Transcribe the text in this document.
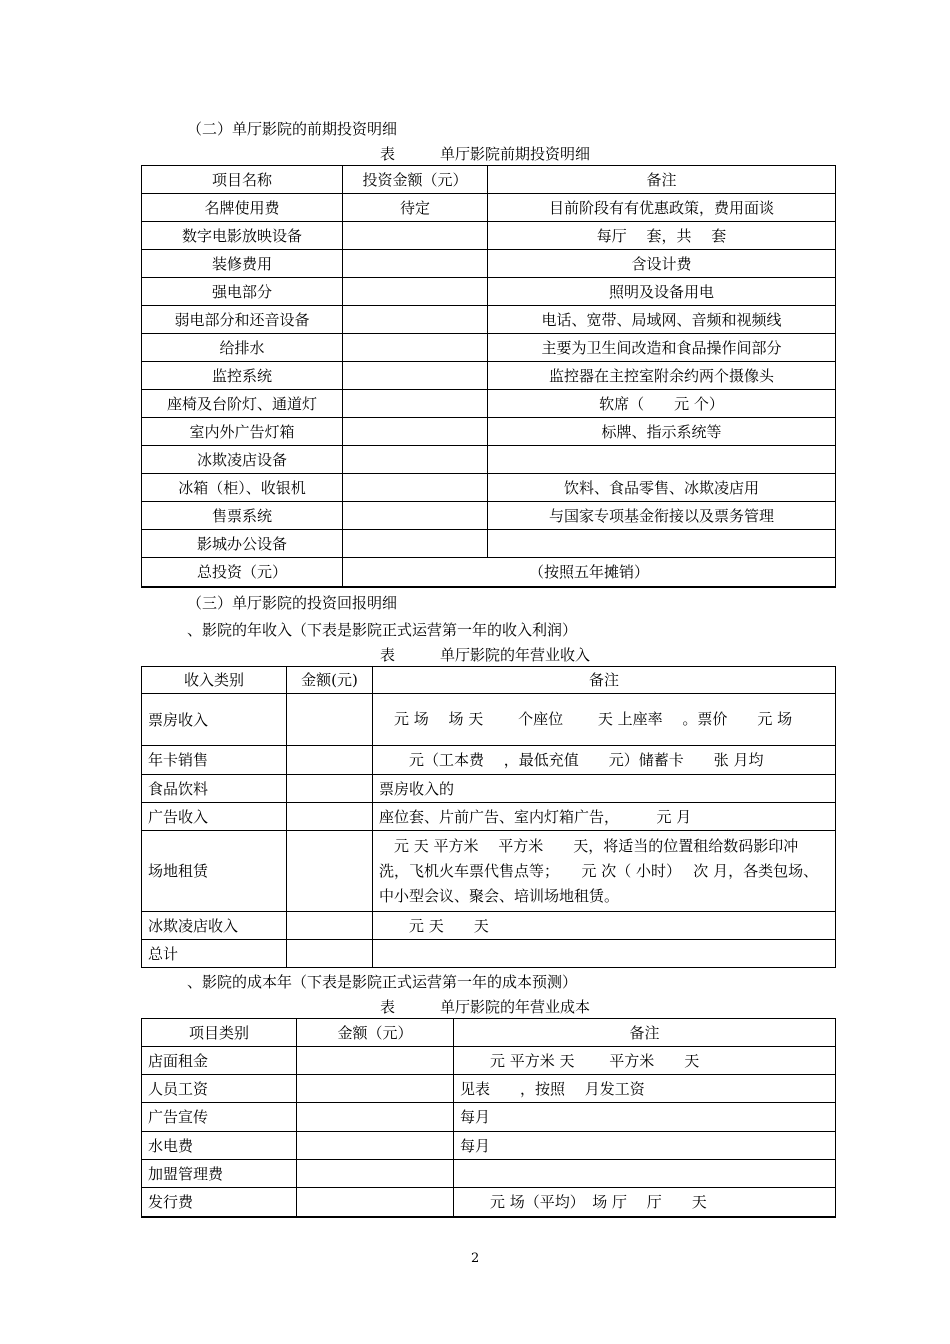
（二）单厅影院的前期投资明细
表　　　单厅影院前期投资明细
项目名称	投资金额（元）	备注
名牌使用费	待定	目前阶段有有优惠政策，费用面谈
数字电影放映设备		每厅　 套，共　 套
装修费用		含设计费
强电部分		照明及设备用电
弱电部分和还音设备		电话、宽带、局域网、音频和视频线
给排水		主要为卫生间改造和食品操作间部分
监控系统		监控器在主控室附余约两个摄像头
座椅及台阶灯、通道灯		软席（　　元 个）
室内外广告灯箱		标牌、指示系统等
冰欺凌店设备		
冰箱（柜）、收银机		饮料、食品零售、冰欺凌店用
售票系统		与国家专项基金衔接以及票务管理
影城办公设备		
总投资（元）	（按照五年摊销）	
（三）单厅影院的投资回报明细
、影院的年收入（下表是影院正式运营第一年的收入利润）
表　　　单厅影院的年营业收入
收入类别	金额(元)	备注
票房收入		　元 场　 场 天　　 个座位　　 天 上座率　 。票价　　元 场
年卡销售		　　元（工本费　 ，最低充值　　元）储蓄卡　　张 月均
食品饮料		票房收入的
广告收入		座位套、片前广告、室内灯箱广告，　　　元 月
场地租赁		　元 天 平方米　 平方米　　天，将适当的位置租给数码影印冲洗，飞机火车票代售点等；　　元 次（ 小时）　 次 月，各类包场、中小型会议、聚会、培训场地租赁。
冰欺凌店收入		　　元 天　　天
总计		
、影院的成本年（下表是影院正式运营第一年的成本预测）
表　　　单厅影院的年营业成本
项目类别	金额（元）	备注
店面租金		　　元 平方米 天　　 平方米　　天
人员工资		见表　　，按照　 月发工资
广告宣传		每月
水电费		每月
加盟管理费		
发行费		　　元 场（平均）　场 厅　 厅　　天
2
